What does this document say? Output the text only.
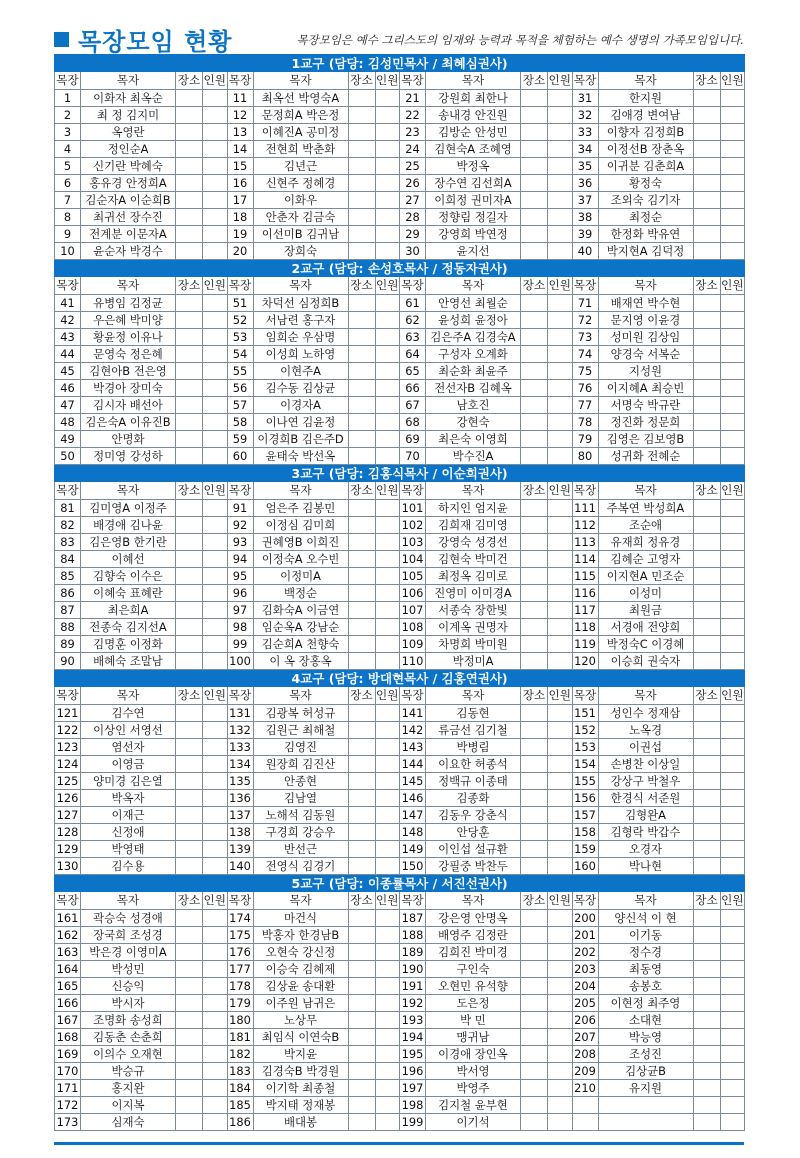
목장모임 현황	목장모임은 예수 그리스도의 임재와 능력과 목적을 체험하는 예수 생명의 가족모임입니다.
1교구 (담당: 김성민목사 / 최혜심권사)															
목장	목자	장소	인원	목장	목자	장소	인원	목장	목자	장소	인원	목장	목자	장소	인원
1	이화자 최옥순			11	최옥선 박영숙A			21	강원희 최한나			31	한지원		
2	최 정 김지미			12	문정희A 박은정			22	송내경 안진원			32	김애경 변여남		
3	옥영란			13	이혜진A 공미정			23	김방순 안성민			33	이향자 김정희B		
4	정인순A			14	전현희 박춘화			24	김현숙A 조혜영			34	이정선B 장춘옥		
5	신기란 박혜숙			15	김년근			25	박정옥			35	이귀분 김춘희A		
6	홍유경 안정희A			16	신현주 정혜경			26	장수연 김선희A			36	황정숙		
7	김순자A 이순희B			17	이화우			27	이희정 권미자A			37	조외숙 김기자		
8	최귀선 장수진			18	안춘자 김금숙			28	정향림 정길자			38	최정순		
9	전계분 이문자A			19	이선미B 김귀남			29	강영희 박연정			39	한정화 박유연		
10	윤순자 박경수			20	장희숙			30	윤지선			40	박지현A 김덕정		
2교구 (담당: 손성호목사 / 정동자권사)															
목장	목자	장소	인원	목장	목자	장소	인원	목장	목자	장소	인원	목장	목자	장소	인원
41	유병임 김정균			51	차덕선 심정희B			61	안영선 최월순			71	배재연 박수현		
42	우은혜 박미양			52	서남련 홍구자			62	윤성희 윤정아			72	문지영 이윤경		
43	황윤정 이유나			53	임희순 우삼명			63	김은주A 김경숙A			73	성미원 김상임		
44	문영숙 정은혜			54	이성희 노하영			64	구성자 오계화			74	양경숙 서복순		
45	김현아B 전은영			55	이현주A			65	최순화 최윤주			75	지성원		
46	박경아 장미숙			56	김수동 김상균			66	전선자B 김혜옥			76	이지혜A 최승빈		
47	김시자 배선아			57	이경자A			67	남호진			77	서명숙 박규란		
48	김은숙A 이유진B			58	이나연 김윤정			68	강현숙			78	정진화 정문희		
49	안명화			59	이경희B 김은주D			69	최은숙 이영희			79	김영은 김보영B		
50	정미영 강성하			60	윤태숙 박선옥			70	박수진A			80	성귀화 전혜순		
3교구 (담당: 김홍식목사 / 이순희권사)															
목장	목자	장소	인원	목장	목자	장소	인원	목장	목자	장소	인원	목장	목자	장소	인원
81	김미영A 이정주			91	엄은주 김봉민			101	하지인 엄지윤			111	주복연 박성희A		
82	배경애 김나윤			92	이정심 김미희			102	김희재 김미영			112	조순애		
83	김은영B 한기란			93	권혜영B 이희진			103	강영숙 성경선			113	유재희 정유경		
84	이혜선			94	이정숙A 오수빈			104	김현숙 박미건			114	김혜순 고영자		
85	김향숙 이수은			95	이정미A			105	최정옥 김미로			115	이지현A 민조순		
86	이혜숙 표혜란			96	백정순			106	진영미 이미경A			116	이성미		
87	최은희A			97	김화숙A 이금연			107	서종숙 장한빛			117	최원금		
88	전종숙 김지선A			98	임순옥A 강남순			108	이계옥 권명자			118	서경애 전양희		
89	김명훈 이정화			99	김순희A 천향숙			109	차명희 박미원			119	박정숙C 이경혜		
90	배혜숙 조말남			100	이 옥 장홍옥			110	박정미A			120	이승희 권숙자		
4교구 (담당: 방대현목사 / 김홍연권사)															
목장	목자	장소	인원	목장	목자	장소	인원	목장	목자	장소	인원	목장	목자	장소	인원
121	김수연			131	김광복 허성규			141	김동현			151	성인수 정재삼		
122	이상인 서영선			132	김원근 최해철			142	류금선 김기철			152	노옥경		
123	염선자			133	김영진			143	박병림			153	이권섭		
124	이영금			134	원장희 김진산			144	이요한 허종석			154	손병찬 이상일		
125	양미경 김은열			135	안종현			145	정백규 이종태			155	강상구 박철우		
126	박옥자			136	김남열			146	김종화			156	한경식 서준원		
127	이재근			137	노해석 김동원			147	김동우 강춘식			157	김형완A		
128	신정애			138	구경희 강승우			148	안당훈			158	김형락 박갑수		
129	박영태			139	반선근			149	이인섭 설규환			159	오경자		
130	김수용			140	전영식 김경기			150	강필중 박찬두			160	박나현		
5교구 (담당: 이종률목사 / 서진선권사)															
목장	목자	장소	인원	목장	목자	장소	인원	목장	목자	장소	인원	목장	목자	장소	인원
161	곽승숙 성경애			174	마건식			187	강은영 안명옥			200	양신석 이 현		
162	장국희 조성경			175	박홍자 한경남B			188	배영주 김정란			201	이기동		
163	박은경 이영미A			176	오현숙 강신정			189	김희진 박미경			202	정수경		
164	박성민			177	이승숙 김혜제			190	구인숙			203	최동영		
165	신승익			178	김상윤 송대환			191	오현민 유석향			204	송봉호		
166	박시자			179	이주원 남귀은			192	도은정			205	이현정 최주영		
167	조명화 송성희			180	노상무			193	박 민			206	소대현		
168	김동춘 손춘희			181	최임식 이연숙B			194	맹귀남			207	박능영		
169	이의수 오재현			182	박지윤			195	이경애 장인옥			208	조성진		
170	박승규			183	김경숙B 박경원			196	박서영			209	김상균B		
171	홍지완			184	이기학 최종철			197	박영주			210	유지원		
172	이지복			185	박지태 정재봉			198	김지철 윤부현						
173	심재숙			186	배대봉			199	이기석						
